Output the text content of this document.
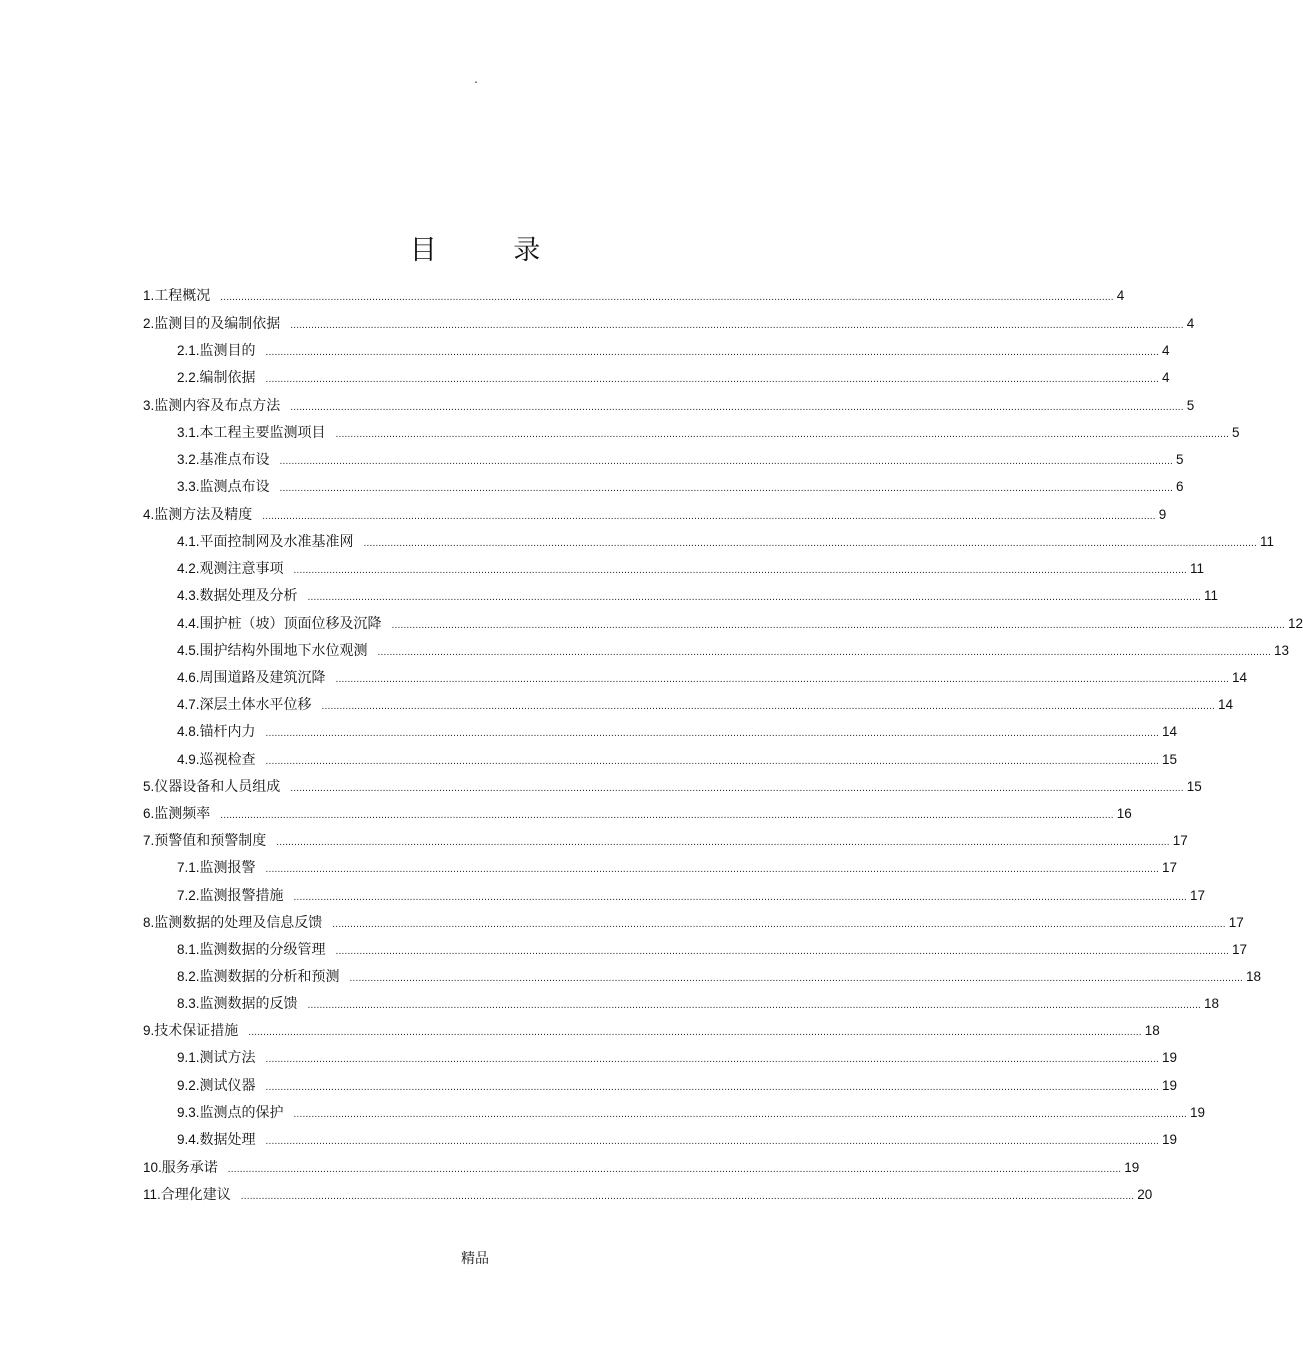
.
目 录
1. 工程概况	............................................................................................................................................................................................................................................................................................................ 4
2. 监测目的及编制依据	............................................................................................................................................................................................................................................................................................................ 4
2.1. 监测目的	............................................................................................................................................................................................................................................................................................................ 4
2.2. 编制依据	............................................................................................................................................................................................................................................................................................................ 4
3. 监测内容及布点方法	............................................................................................................................................................................................................................................................................................................ 5
3.1. 本工程主要监测项目	............................................................................................................................................................................................................................................................................................................ 5
3.2. 基准点布设	............................................................................................................................................................................................................................................................................................................ 5
3.3. 监测点布设	............................................................................................................................................................................................................................................................................................................ 6
4. 监测方法及精度	............................................................................................................................................................................................................................................................................................................ 9
4.1. 平面控制网及水准基准网	............................................................................................................................................................................................................................................................................................................ 11
4.2. 观测注意事项	............................................................................................................................................................................................................................................................................................................ 11
4.3. 数据处理及分析	............................................................................................................................................................................................................................................................................................................ 11
4.4. 围护桩（坡）顶面位移及沉降	............................................................................................................................................................................................................................................................................................................ 12
4.5. 围护结构外围地下水位观测	............................................................................................................................................................................................................................................................................................................ 13
4.6. 周围道路及建筑沉降	............................................................................................................................................................................................................................................................................................................ 14
4.7. 深层土体水平位移	............................................................................................................................................................................................................................................................................................................ 14
4.8. 锚杆内力	............................................................................................................................................................................................................................................................................................................ 14
4.9. 巡视检查	............................................................................................................................................................................................................................................................................................................ 15
5. 仪器设备和人员组成	............................................................................................................................................................................................................................................................................................................ 15
6. 监测频率	............................................................................................................................................................................................................................................................................................................ 16
7. 预警值和预警制度	............................................................................................................................................................................................................................................................................................................ 17
7.1. 监测报警	............................................................................................................................................................................................................................................................................................................ 17
7.2. 监测报警措施	............................................................................................................................................................................................................................................................................................................ 17
8. 监测数据的处理及信息反馈	............................................................................................................................................................................................................................................................................................................ 17
8.1. 监测数据的分级管理	............................................................................................................................................................................................................................................................................................................ 17
8.2. 监测数据的分析和预测	............................................................................................................................................................................................................................................................................................................ 18
8.3. 监测数据的反馈	............................................................................................................................................................................................................................................................................................................ 18
9. 技术保证措施	............................................................................................................................................................................................................................................................................................................ 18
9.1. 测试方法	............................................................................................................................................................................................................................................................................................................ 19
9.2. 测试仪器	............................................................................................................................................................................................................................................................................................................ 19
9.3. 监测点的保护	............................................................................................................................................................................................................................................................................................................ 19
9.4. 数据处理	............................................................................................................................................................................................................................................................................................................ 19
10. 服务承诺	............................................................................................................................................................................................................................................................................................................ 19
11. 合理化建议	............................................................................................................................................................................................................................................................................................................ 20
精品
